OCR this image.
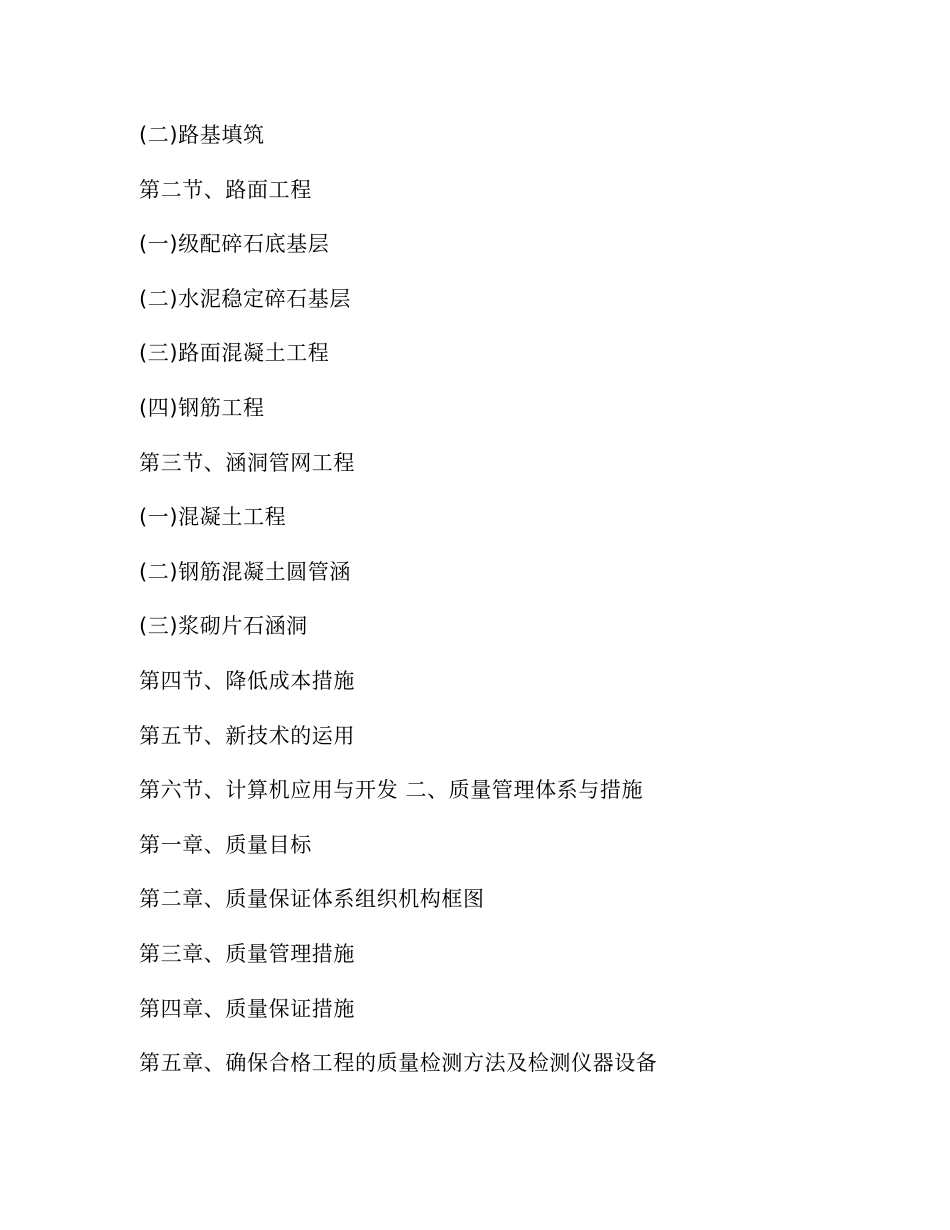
(二)路基填筑
第二节、路面工程
(一)级配碎石底基层
(二)水泥稳定碎石基层
(三)路面混凝土工程
(四)钢筋工程
第三节、涵洞管网工程
(一)混凝土工程
(二)钢筋混凝土圆管涵
(三)浆砌片石涵洞
第四节、降低成本措施
第五节、新技术的运用
第六节、计算机应用与开发 二、质量管理体系与措施
第一章、质量目标
第二章、质量保证体系组织机构框图
第三章、质量管理措施
第四章、质量保证措施
第五章、确保合格工程的质量检测方法及检测仪器设备
